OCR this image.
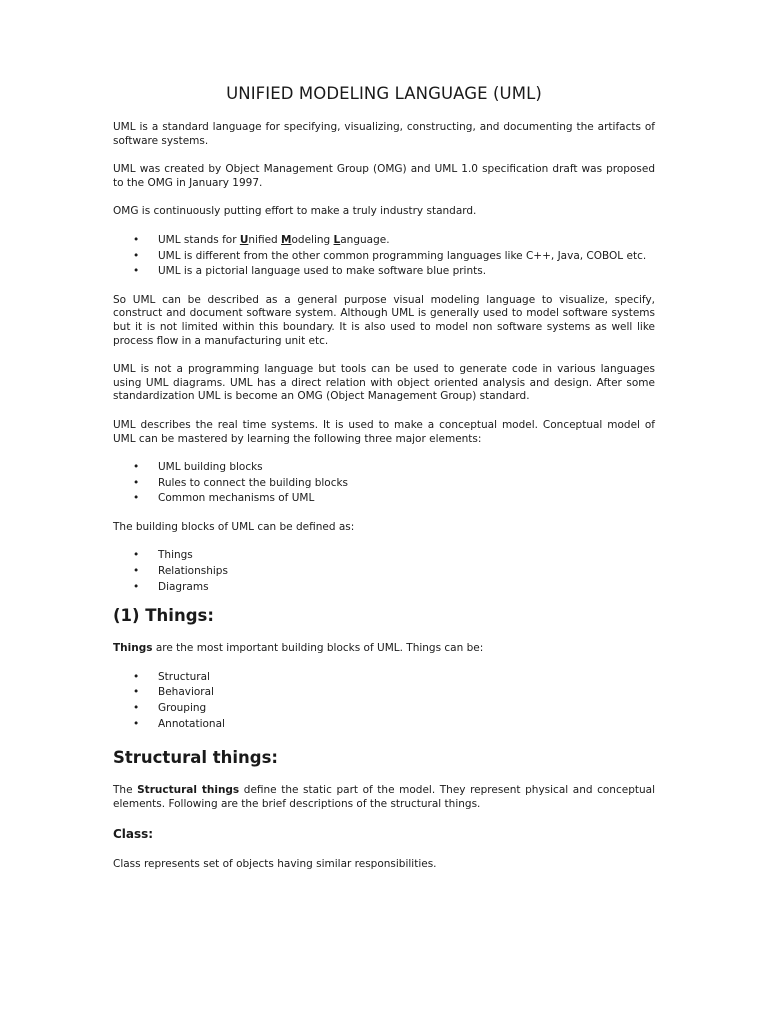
UNIFIED MODELING LANGUAGE (UML)

UML is a standard language for specifying, visualizing, constructing, and documenting the artifacts of software systems.

UML was created by Object Management Group (OMG) and UML 1.0 specification draft was proposed to the OMG in January 1997.

OMG is continuously putting effort to make a truly industry standard.

• UML stands for Unified Modeling Language.
• UML is different from the other common programming languages like C++, Java, COBOL etc.
• UML is a pictorial language used to make software blue prints.

So UML can be described as a general purpose visual modeling language to visualize, specify, construct and document software system. Although UML is generally used to model software systems but it is not limited within this boundary. It is also used to model non software systems as well like process flow in a manufacturing unit etc.

UML is not a programming language but tools can be used to generate code in various languages using UML diagrams. UML has a direct relation with object oriented analysis and design. After some standardization UML is become an OMG (Object Management Group) standard.

UML describes the real time systems. It is used to make a conceptual model. Conceptual model of UML can be mastered by learning the following three major elements:

• UML building blocks
• Rules to connect the building blocks
• Common mechanisms of UML

The building blocks of UML can be defined as:

• Things
• Relationships
• Diagrams
(1) Things:

Things are the most important building blocks of UML. Things can be:

• Structural
• Behavioral
• Grouping
• Annotational
Structural things:

The Structural things define the static part of the model. They represent physical and conceptual elements. Following are the brief descriptions of the structural things.

Class:

Class represents set of objects having similar responsibilities.
